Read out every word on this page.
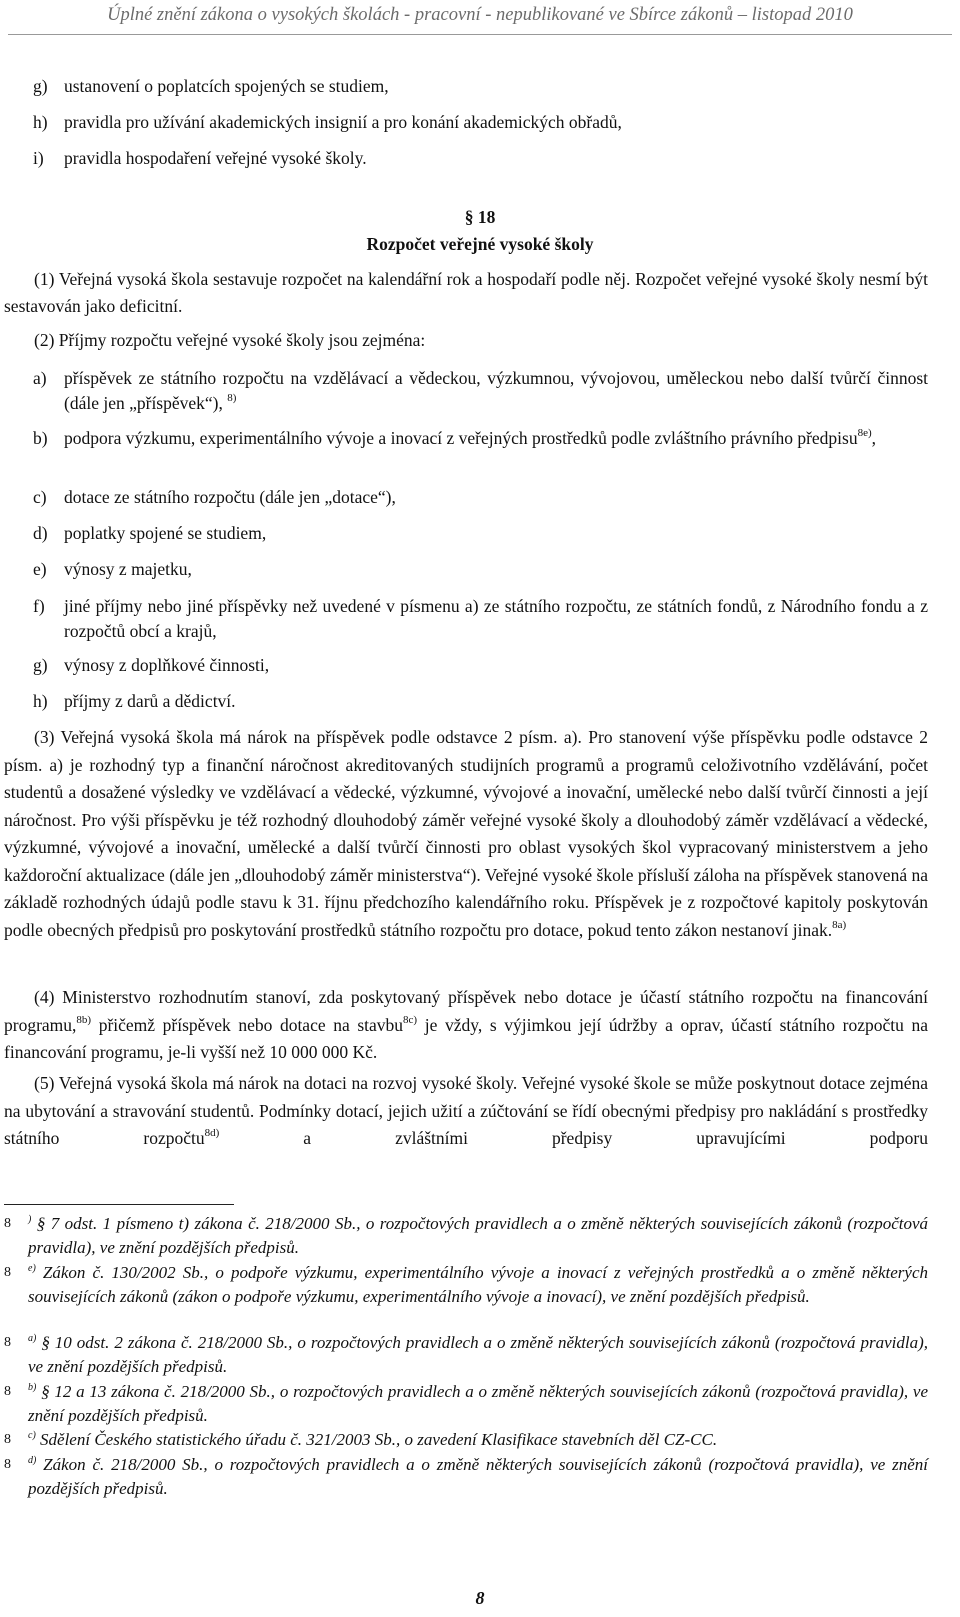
Úplné znění zákona o vysokých školách - pracovní - nepublikované ve Sbírce zákonů – listopad 2010
g) ustanovení o poplatcích spojených se studiem,
h) pravidla pro užívání akademických insignií a pro konání akademických obřadů,
i) pravidla hospodaření veřejné vysoké školy.
§ 18
Rozpočet veřejné vysoké školy
(1) Veřejná vysoká škola sestavuje rozpočet na kalendářní rok a hospodaří podle něj. Rozpočet veřejné vysoké školy nesmí být sestavován jako deficitní.
(2) Příjmy rozpočtu veřejné vysoké školy jsou zejména:
a) příspěvek ze státního rozpočtu na vzdělávací a vědeckou, výzkumnou, vývojovou, uměleckou nebo další tvůrčí činnost (dále jen „příspěvek“), $^{8)}$
b) podpora výzkumu, experimentálního vývoje a inovací z veřejných prostředků podle zvláštního právního předpisu$^{8e)}$,
c) dotace ze státního rozpočtu (dále jen „dotace“),
d) poplatky spojené se studiem,
e) výnosy z majetku,
f) jiné příjmy nebo jiné příspěvky než uvedené v písmenu a) ze státního rozpočtu, ze státních fondů, z Národního fondu a z rozpočtů obcí a krajů,
g) výnosy z doplňkové činnosti,
h) příjmy z darů a dědictví.
(3) Veřejná vysoká škola má nárok na příspěvek podle odstavce 2 písm. a). Pro stanovení výše příspěvku podle odstavce 2 písm. a) je rozhodný typ a finanční náročnost akreditovaných studijních programů a programů celoživotního vzdělávání, počet studentů a dosažené výsledky ve vzdělávací a vědecké, výzkumné, vývojové a inovační, umělecké nebo další tvůrčí činnosti a její náročnost. Pro výši příspěvku je též rozhodný dlouhodobý záměr veřejné vysoké školy a dlouhodobý záměr vzdělávací a vědecké, výzkumné, vývojové a inovační, umělecké a další tvůrčí činnosti pro oblast vysokých škol vypracovaný ministerstvem a jeho každoroční aktualizace (dále jen „dlouhodobý záměr ministerstva“). Veřejné vysoké škole přísluší záloha na příspěvek stanovená na základě rozhodných údajů podle stavu k 31. říjnu předchozího kalendářního roku. Příspěvek je z rozpočtové kapitoly poskytován podle obecných předpisů pro poskytování prostředků státního rozpočtu pro dotace, pokud tento zákon nestanoví jinak.$^{8a)}$
(4) Ministerstvo rozhodnutím stanoví, zda poskytovaný příspěvek nebo dotace je účastí státního rozpočtu na financování programu,$^{8b)}$ přičemž příspěvek nebo dotace na stavbu$^{8c)}$ je vždy, s výjimkou její údržby a oprav, účastí státního rozpočtu na financování programu, je-li vyšší než 10 000 000 Kč.
(5) Veřejná vysoká škola má nárok na dotaci na rozvoj vysoké školy. Veřejné vysoké škole se může poskytnout dotace zejména na ubytování a stravování studentů. Podmínky dotací, jejich užití a zúčtování se řídí obecnými předpisy pro nakládání s prostředky státního rozpočtu$^{8d)}$ a zvláštními předpisy upravujícími podporu
8 ) § 7 odst. 1 písmeno t) zákona č. 218/2000 Sb., o rozpočtových pravidlech a o změně některých souvisejících zákonů (rozpočtová pravidla), ve znění pozdějších předpisů.
8 $^{e)}$ Zákon č. 130/2002 Sb., o podpoře výzkumu, experimentálního vývoje a inovací z veřejných prostředků a o změně některých souvisejících zákonů (zákon o podpoře výzkumu, experimentálního vývoje a inovací), ve znění pozdějších předpisů.
8 $^{a)}$ § 10 odst. 2 zákona č. 218/2000 Sb., o rozpočtových pravidlech a o změně některých souvisejících zákonů (rozpočtová pravidla), ve znění pozdějších předpisů.
8 $^{b)}$ § 12 a 13 zákona č. 218/2000 Sb., o rozpočtových pravidlech a o změně některých souvisejících zákonů (rozpočtová pravidla), ve znění pozdějších předpisů.
8 $^{c)}$ Sdělení Českého statistického úřadu č. 321/2003 Sb., o zavedení Klasifikace stavebních děl CZ-CC.
8 $^{d)}$ Zákon č. 218/2000 Sb., o rozpočtových pravidlech a o změně některých souvisejících zákonů (rozpočtová pravidla), ve znění pozdějších předpisů.
8
